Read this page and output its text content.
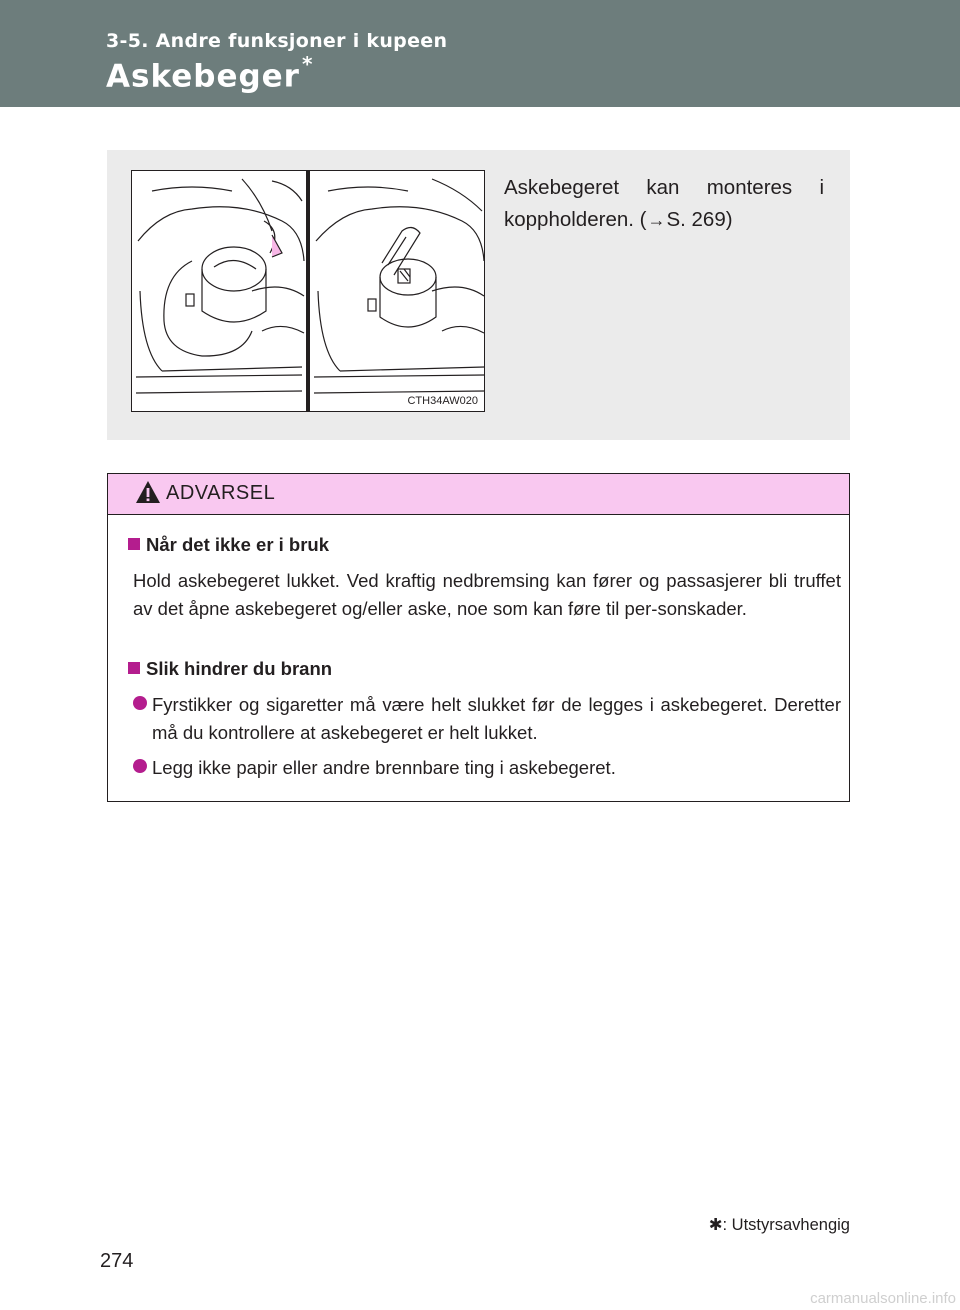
3-5. Andre funksjoner i kupeen
Askebeger *
CTH34AW020
Askebegeret kan monteres i koppholderen. (→S. 269)
ADVARSEL
Når det ikke er i bruk
Hold askebegeret lukket. Ved kraftig nedbremsing kan fører og passasjerer bli truffet av det åpne askebegeret og/eller aske, noe som kan føre til per-sonskader.
Slik hindrer du brann
Fyrstikker og sigaretter må være helt slukket før de legges i askebegeret. Deretter må du kontrollere at askebegeret er helt lukket.
Legg ikke papir eller andre brennbare ting i askebegeret.
✱: Utstyrsavhengig
274
carmanualsonline.info
